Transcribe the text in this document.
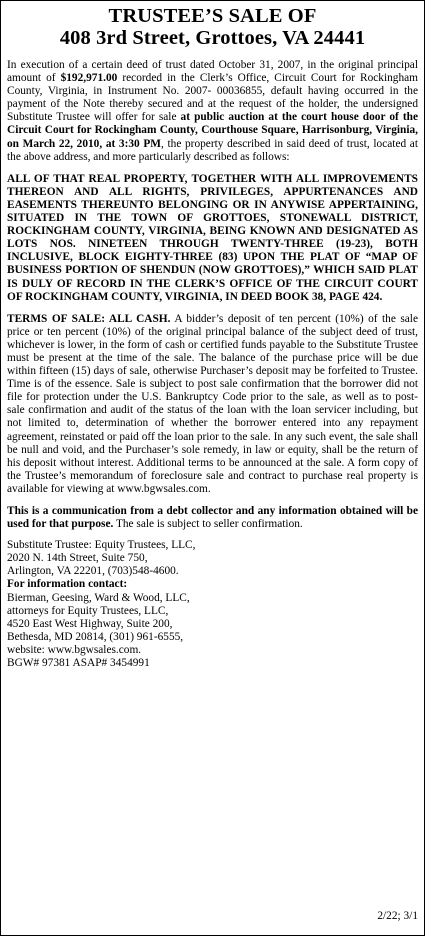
TRUSTEE’S SALE OF
408 3rd Street, Grottoes, VA 24441

In execution of a certain deed of trust dated October 31, 2007, in the original principal amount of $192,971.00 recorded in the Clerk’s Office, Circuit Court for Rockingham County, Virginia, in Instrument No. 2007- 00036855, default having occurred in the payment of the Note thereby secured and at the request of the holder, the undersigned Substitute Trustee will offer for sale at public auction at the court house door of the Circuit Court for Rockingham County, Courthouse Square, Harrisonburg, Virginia, on March 22, 2010, at 3:30 PM, the property described in said deed of trust, located at the above address, and more particularly described as follows:

ALL OF THAT REAL PROPERTY, TOGETHER WITH ALL IMPROVEMENTS THEREON AND ALL RIGHTS, PRIVILEGES, APPURTENANCES AND EASEMENTS THEREUNTO BELONGING OR IN ANYWISE APPERTAINING, SITUATED IN THE TOWN OF GROTTOES, STONEWALL DISTRICT, ROCKINGHAM COUNTY, VIRGINIA, BEING KNOWN AND DESIGNATED AS LOTS NOS. NINETEEN THROUGH TWENTY-THREE (19-23), BOTH INCLUSIVE, BLOCK EIGHTY-THREE (83) UPON THE PLAT OF “MAP OF BUSINESS PORTION OF SHENDUN (NOW GROTTOES),” WHICH SAID PLAT IS DULY OF RECORD IN THE CLERK’S OFFICE OF THE CIRCUIT COURT OF ROCKINGHAM COUNTY, VIRGINIA, IN DEED BOOK 38, PAGE 424.

TERMS OF SALE: ALL CASH. A bidder’s deposit of ten percent (10%) of the sale price or ten percent (10%) of the original principal balance of the subject deed of trust, whichever is lower, in the form of cash or certified funds payable to the Substitute Trustee must be present at the time of the sale. The balance of the purchase price will be due within fifteen (15) days of sale, otherwise Purchaser’s deposit may be forfeited to Trustee. Time is of the essence. Sale is subject to post sale confirmation that the borrower did not file for protection under the U.S. Bankruptcy Code prior to the sale, as well as to post- sale confirmation and audit of the status of the loan with the loan servicer including, but not limited to, determination of whether the borrower entered into any repayment agreement, reinstated or paid off the loan prior to the sale. In any such event, the sale shall be null and void, and the Purchaser’s sole remedy, in law or equity, shall be the return of his deposit without interest. Additional terms to be announced at the sale. A form copy of the Trustee’s memorandum of foreclosure sale and contract to purchase real property is available for viewing at www.bgwsales.com.

This is a communication from a debt collector and any information obtained will be used for that purpose. The sale is subject to seller confirmation.

Substitute Trustee: Equity Trustees, LLC,
2020 N. 14th Street, Suite 750,
Arlington, VA 22201, (703)548-4600.
For information contact:
Bierman, Geesing, Ward & Wood, LLC,
attorneys for Equity Trustees, LLC,
4520 East West Highway, Suite 200,
Bethesda, MD 20814, (301) 961-6555,
website: www.bgwsales.com.
BGW# 97381 ASAP# 3454991
2/22; 3/1
